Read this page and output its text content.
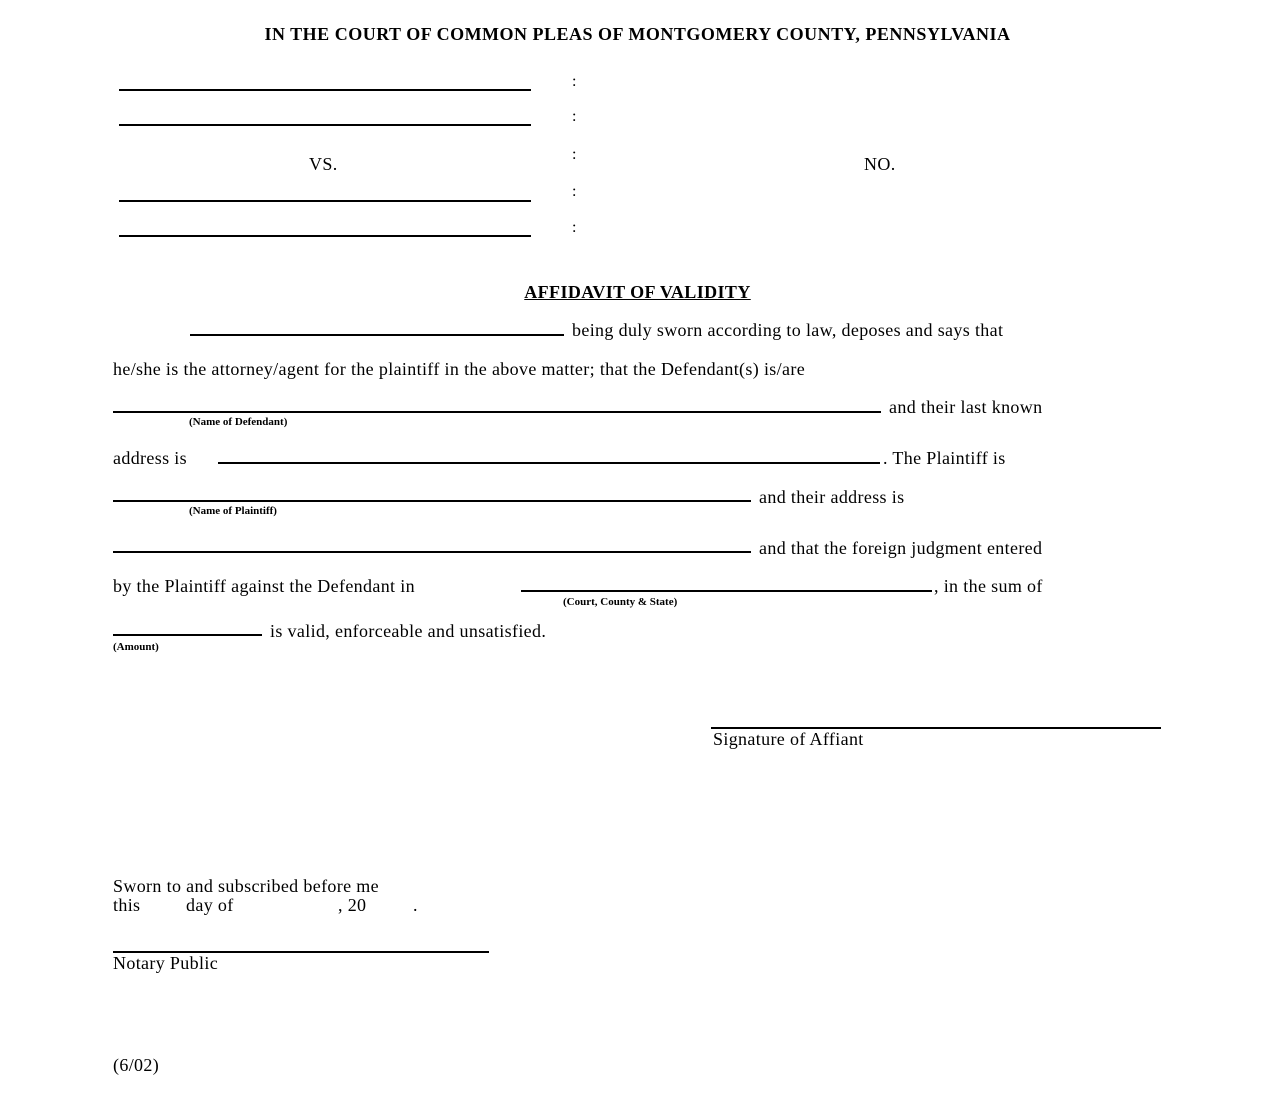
IN THE COURT OF COMMON PLEAS OF MONTGOMERY COUNTY, PENNSYLVANIA
VS.
:
:
:
:
:
NO.
AFFIDAVIT OF VALIDITY
being duly sworn according to law, deposes and says that
he/she is the attorney/agent for the plaintiff in the above matter; that the Defendant(s) is/are
and their last known
(Name of Defendant)
address is	. The Plaintiff is
and their address is
(Name of Plaintiff)
and that the foreign judgment entered
by the Plaintiff against the Defendant in	, in the sum of
(Court, County & State)
is valid, enforceable and unsatisfied.
(Amount)
Signature of Affiant
Sworn to and subscribed before me
this	day of	, 20	.
Notary Public
(6/02)
